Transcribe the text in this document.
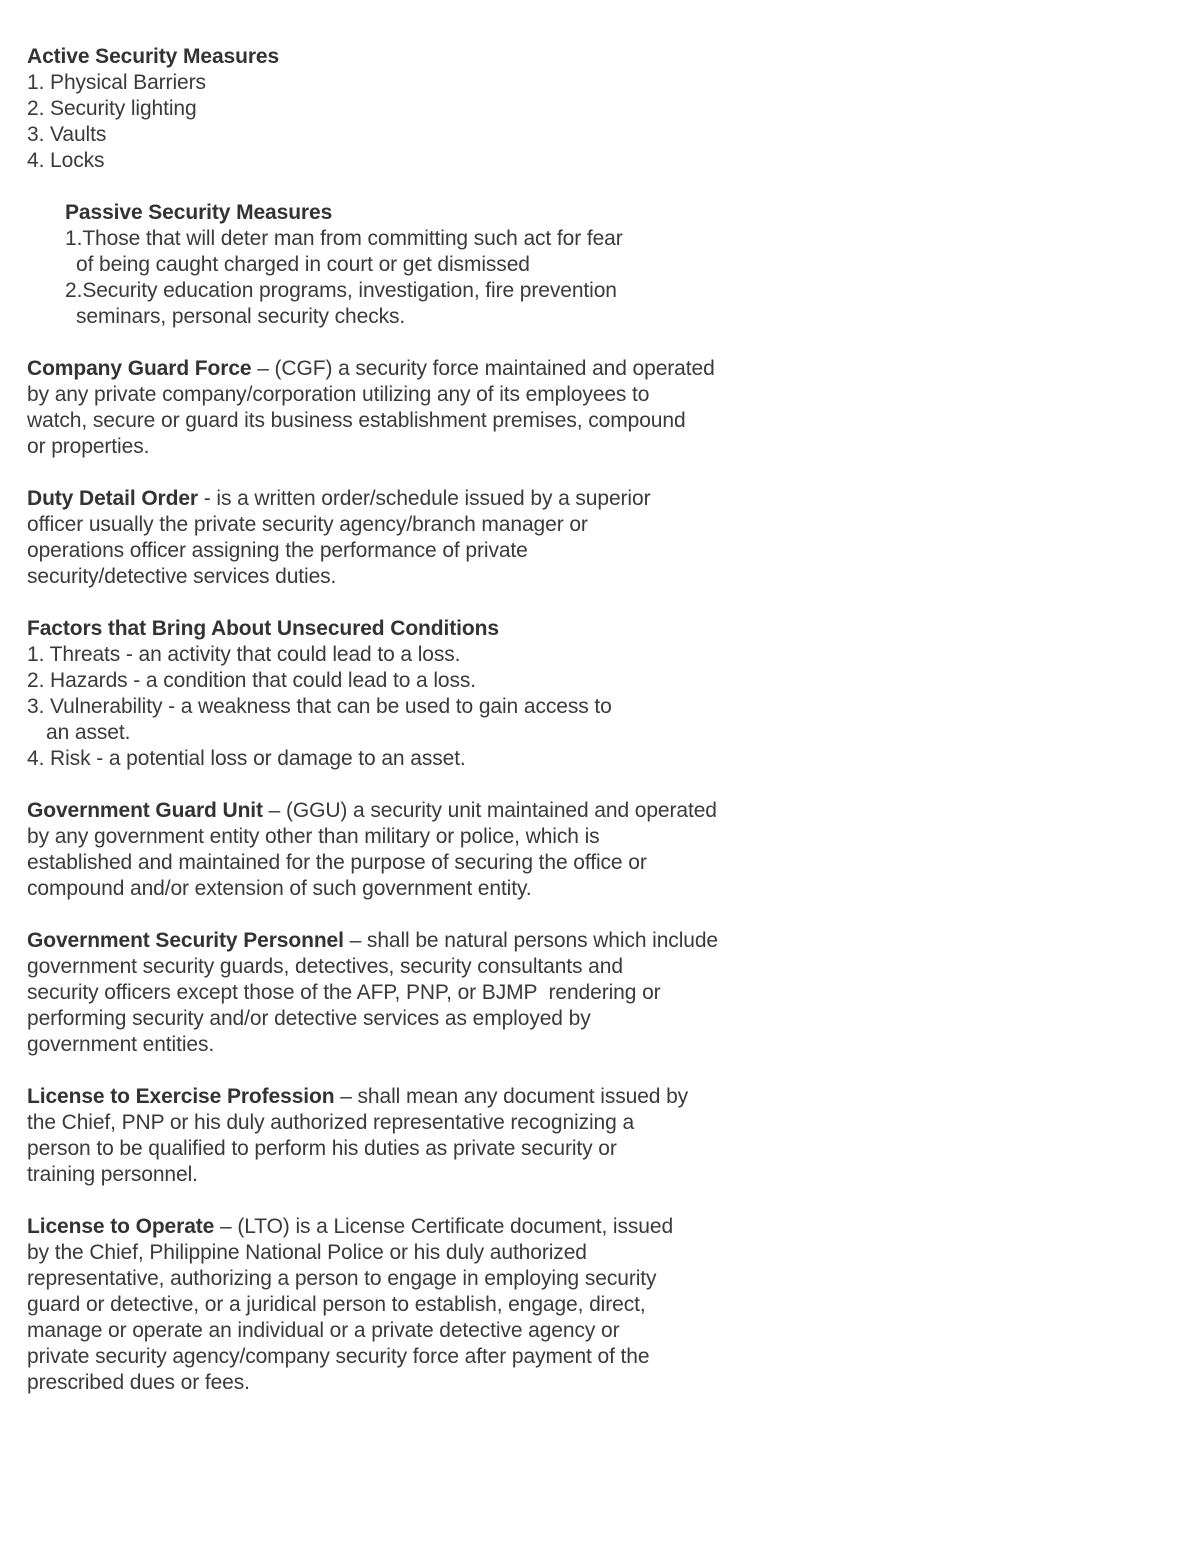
Active Security Measures
1. Physical Barriers
2. Security lighting
3. Vaults
4. Locks
Passive Security Measures
1.Those that will deter man from committing such act for fear
of being caught charged in court or get dismissed
2.Security education programs, investigation, fire prevention
seminars, personal security checks.
Company Guard Force – (CGF) a security force maintained and operated
by any private company/corporation utilizing any of its employees to
watch, secure or guard its business establishment premises, compound
or properties.
Duty Detail Order - is a written order/schedule issued by a superior
officer usually the private security agency/branch manager or
operations officer assigning the performance of private
security/detective services duties.
Factors that Bring About Unsecured Conditions
1. Threats - an activity that could lead to a loss.
2. Hazards - a condition that could lead to a loss.
3. Vulnerability - a weakness that can be used to gain access to
an asset.
4. Risk - a potential loss or damage to an asset.
Government Guard Unit – (GGU) a security unit maintained and operated
by any government entity other than military or police, which is
established and maintained for the purpose of securing the office or
compound and/or extension of such government entity.
Government Security Personnel – shall be natural persons which include
government security guards, detectives, security consultants and
security officers except those of the AFP, PNP, or BJMP  rendering or
performing security and/or detective services as employed by
government entities.
License to Exercise Profession – shall mean any document issued by
the Chief, PNP or his duly authorized representative recognizing a
person to be qualified to perform his duties as private security or
training personnel.
License to Operate – (LTO) is a License Certificate document, issued
by the Chief, Philippine National Police or his duly authorized
representative, authorizing a person to engage in employing security
guard or detective, or a juridical person to establish, engage, direct,
manage or operate an individual or a private detective agency or
private security agency/company security force after payment of the
prescribed dues or fees.
